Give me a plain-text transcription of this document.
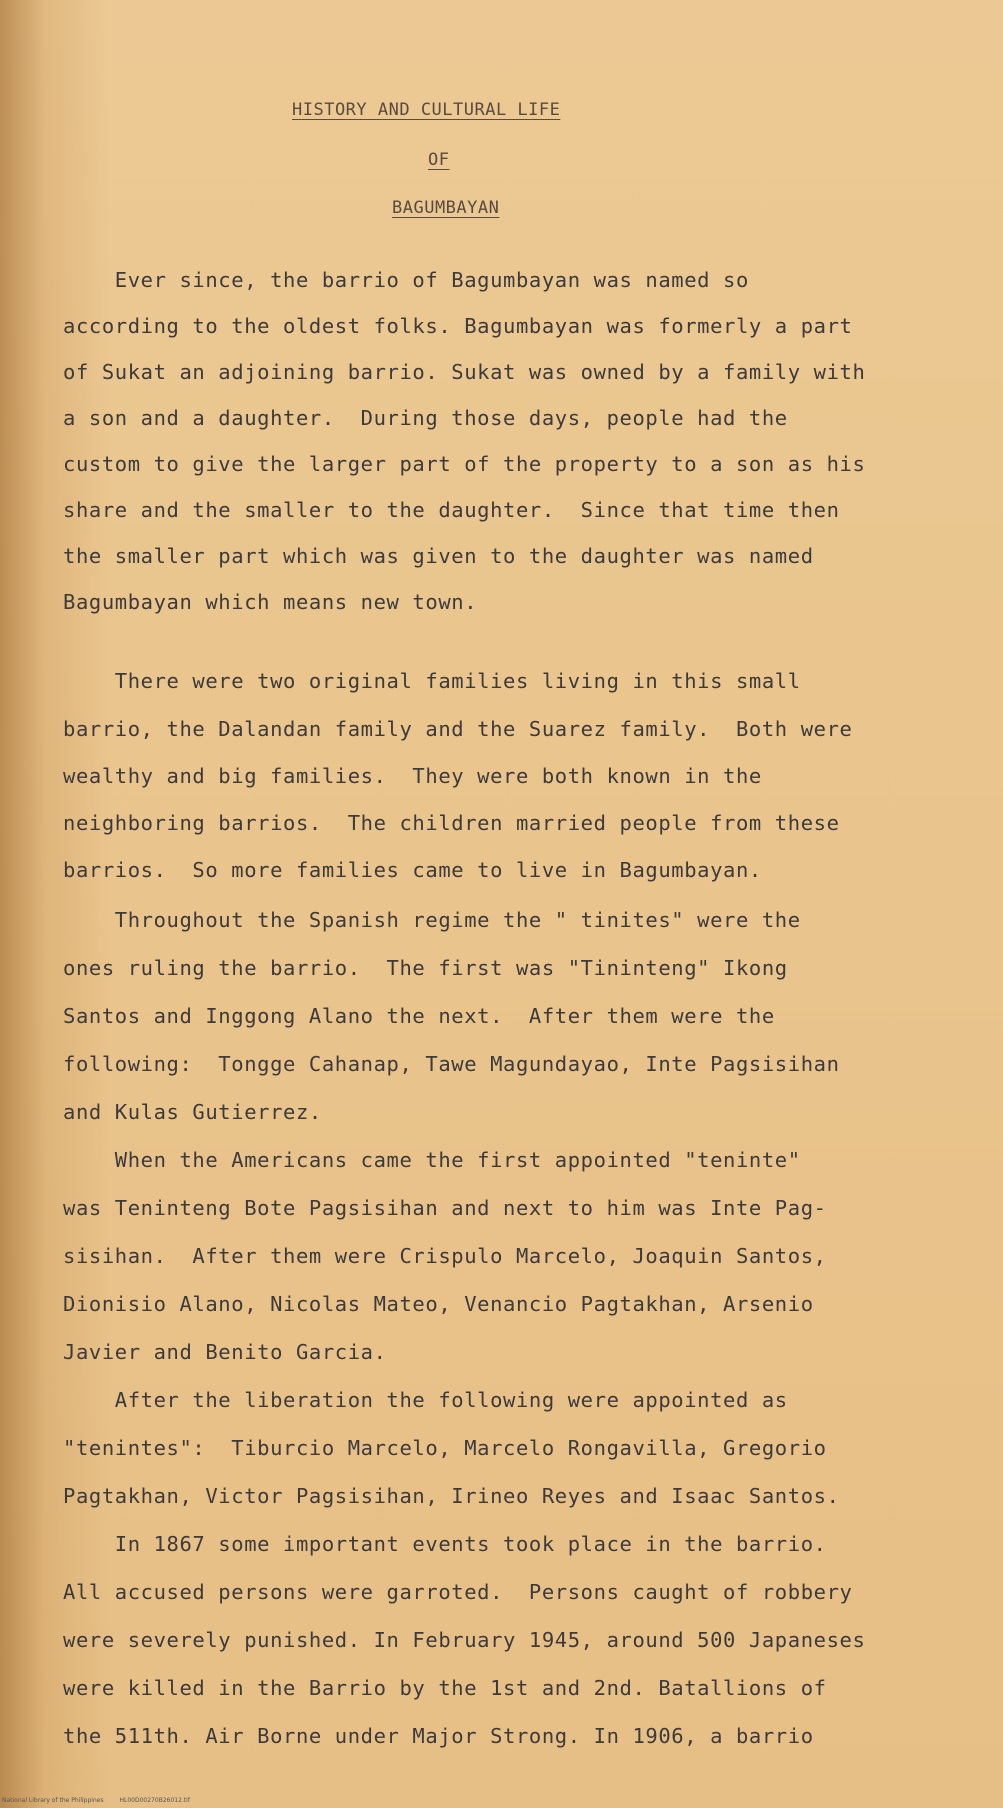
HISTORY AND CULTURAL LIFE
OF
BAGUMBAYAN
Ever since, the barrio of Bagumbayan was named so
according to the oldest folks. Bagumbayan was formerly a part
of Sukat an adjoining barrio. Sukat was owned by a family with
a son and a daughter.  During those days, people had the
custom to give the larger part of the property to a son as his
share and the smaller to the daughter.  Since that time then
the smaller part which was given to the daughter was named
Bagumbayan which means new town.
There were two original families living in this small
barrio, the Dalandan family and the Suarez family.  Both were
wealthy and big families.  They were both known in the
neighboring barrios.  The children married people from these
barrios.  So more families came to live in Bagumbayan.
Throughout the Spanish regime the " tinites" were the
ones ruling the barrio.  The first was "Tininteng" Ikong
Santos and Inggong Alano the next.  After them were the
following:  Tongge Cahanap, Tawe Magundayao, Inte Pagsisihan
and Kulas Gutierrez.
When the Americans came the first appointed "teninte"
was Teninteng Bote Pagsisihan and next to him was Inte Pag-
sisihan.  After them were Crispulo Marcelo, Joaquin Santos,
Dionisio Alano, Nicolas Mateo, Venancio Pagtakhan, Arsenio
Javier and Benito Garcia.
After the liberation the following were appointed as
"tenintes":  Tiburcio Marcelo, Marcelo Rongavilla, Gregorio
Pagtakhan, Victor Pagsisihan, Irineo Reyes and Isaac Santos.
In 1867 some important events took place in the barrio.
All accused persons were garroted.  Persons caught of robbery
were severely punished. In February 1945, around 500 Japaneses
were killed in the Barrio by the 1st and 2nd. Batallions of
the 511th. Air Borne under Major Strong. In 1906, a barrio
National Library of the Philippines	HL00D00270B26012.tif
